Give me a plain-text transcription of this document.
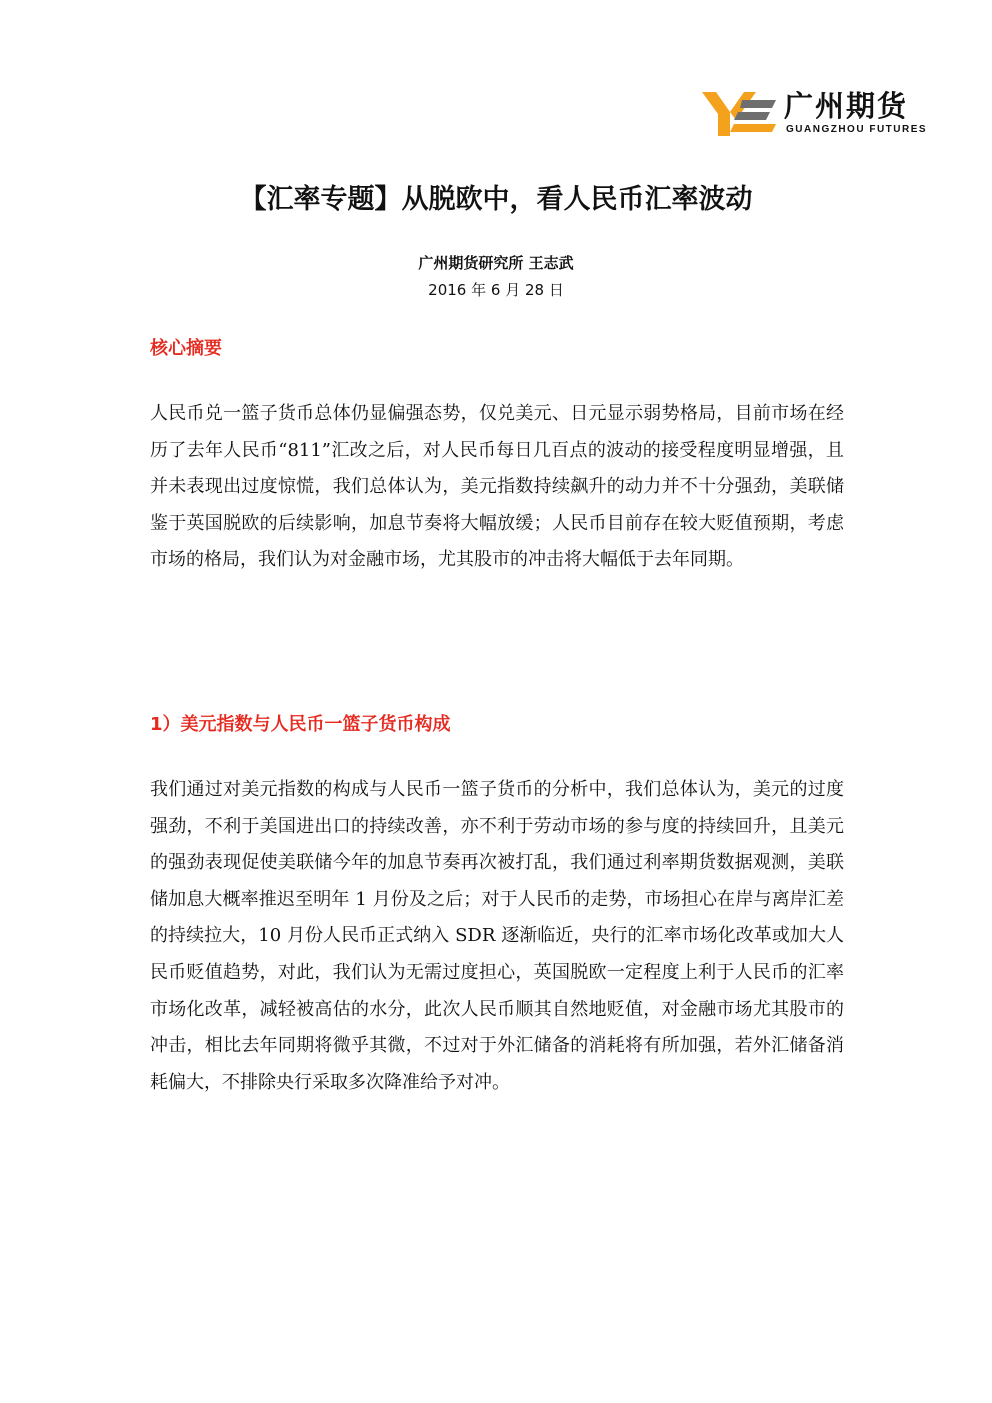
广州期货
GUANGZHOU FUTURES
【汇率专题】从脱欧中，看人民币汇率波动
广州期货研究所 王志武
2016 年 6 月 28 日
核心摘要

人民币兑一篮子货币总体仍显偏强态势，仅兑美元、日元显示弱势格局，目前市场在经历了去年人民币“811”汇改之后，对人民币每日几百点的波动的接受程度明显增强，且并未表现出过度惊慌，我们总体认为，美元指数持续飙升的动力并不十分强劲，美联储鉴于英国脱欧的后续影响，加息节奏将大幅放缓；人民币目前存在较大贬值预期，考虑市场的格局，我们认为对金融市场，尤其股市的冲击将大幅低于去年同期。

1）美元指数与人民币一篮子货币构成

我们通过对美元指数的构成与人民币一篮子货币的分析中，我们总体认为，美元的过度强劲，不利于美国进出口的持续改善，亦不利于劳动市场的参与度的持续回升，且美元的强劲表现促使美联储今年的加息节奏再次被打乱，我们通过利率期货数据观测，美联储加息大概率推迟至明年 1 月份及之后；对于人民币的走势，市场担心在岸与离岸汇差的持续拉大，10 月份人民币正式纳入 SDR 逐渐临近，央行的汇率市场化改革或加大人民币贬值趋势，对此，我们认为无需过度担心，英国脱欧一定程度上利于人民币的汇率市场化改革，减轻被高估的水分，此次人民币顺其自然地贬值，对金融市场尤其股市的冲击，相比去年同期将微乎其微，不过对于外汇储备的消耗将有所加强，若外汇储备消耗偏大，不排除央行采取多次降准给予对冲。
